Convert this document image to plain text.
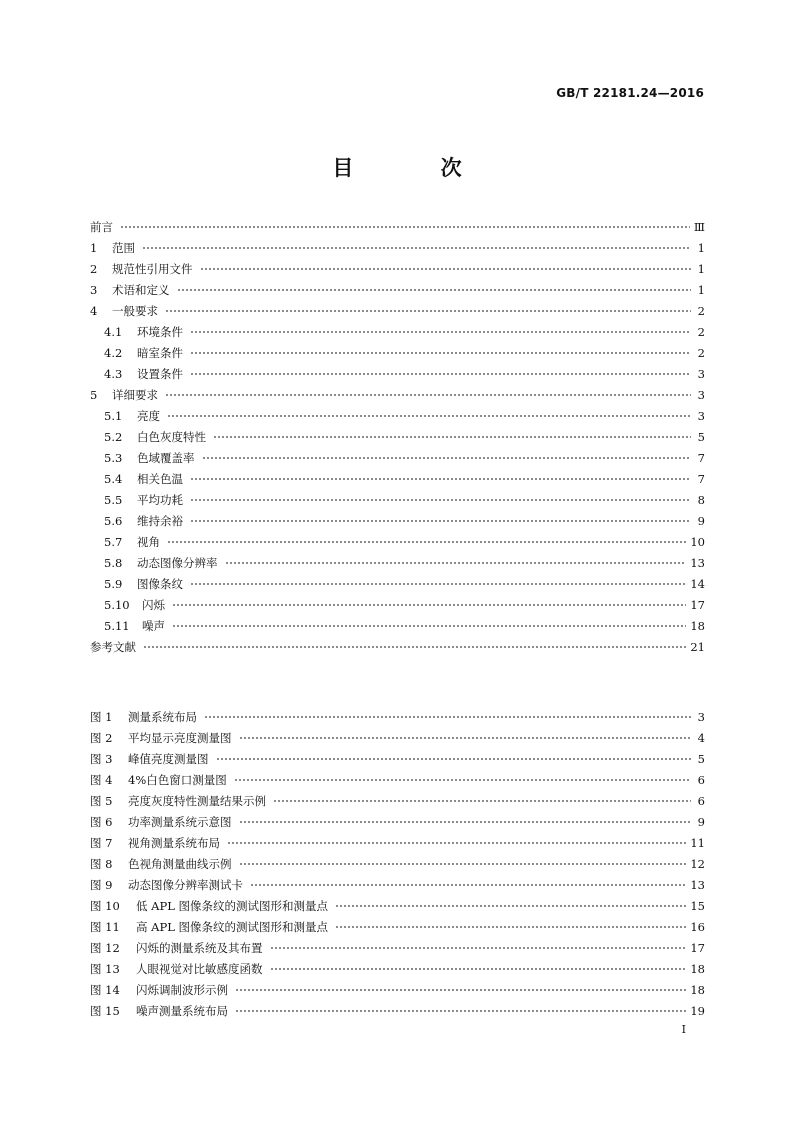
GB/T 22181.24—2016
目 次
前言	Ⅲ
1	范围	1
2	规范性引用文件	1
3	术语和定义	1
4	一般要求	2
4.1	环境条件	2
4.2	暗室条件	2
4.3	设置条件	3
5	详细要求	3
5.1	亮度	3
5.2	白色灰度特性	5
5.3	色域覆盖率	7
5.4	相关色温	7
5.5	平均功耗	8
5.6	维持余裕	9
5.7	视角	10
5.8	动态图像分辨率	13
5.9	图像条纹	14
5.10	闪烁	17
5.11	噪声	18
参考文献	21
图 1	测量系统布局	3
图 2	平均显示亮度测量图	4
图 3	峰值亮度测量图	5
图 4	4%白色窗口测量图	6
图 5	亮度灰度特性测量结果示例	6
图 6	功率测量系统示意图	9
图 7	视角测量系统布局	11
图 8	色视角测量曲线示例	12
图 9	动态图像分辨率测试卡	13
图 10	低 APL 图像条纹的测试图形和测量点	15
图 11	高 APL 图像条纹的测试图形和测量点	16
图 12	闪烁的测量系统及其布置	17
图 13	人眼视觉对比敏感度函数	18
图 14	闪烁调制波形示例	18
图 15	噪声测量系统布局	19
Ⅰ
